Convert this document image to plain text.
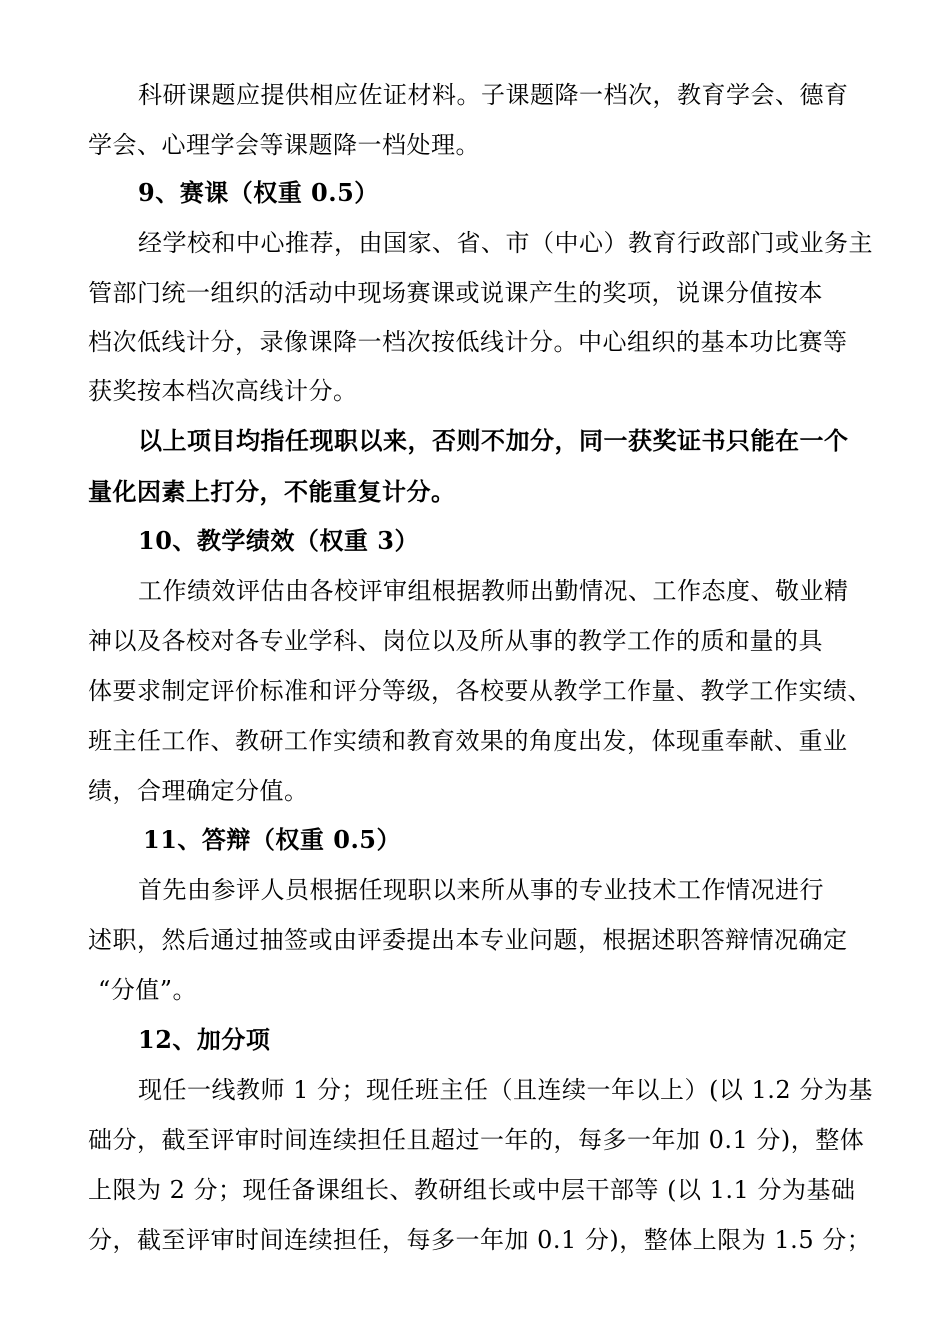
科研课题应提供相应佐证材料。子课题降一档次，教育学会、德育
学会、心理学会等课题降一档处理。
9、赛课（权重 0.5）
经学校和中心推荐，由国家、省、市（中心）教育行政部门或业务主
管部门统一组织的活动中现场赛课或说课产生的奖项，说课分值按本
档次低线计分，录像课降一档次按低线计分。中心组织的基本功比赛等
获奖按本档次高线计分。
以上项目均指任现职以来，否则不加分，同一获奖证书只能在一个
量化因素上打分，不能重复计分。
10、教学绩效（权重 3）
工作绩效评估由各校评审组根据教师出勤情况、工作态度、敬业精
神以及各校对各专业学科、岗位以及所从事的教学工作的质和量的具
体要求制定评价标准和评分等级，各校要从教学工作量、教学工作实绩、
班主任工作、教研工作实绩和教育效果的角度出发，体现重奉献、重业
绩，合理确定分值。
11、答辩（权重 0.5）
首先由参评人员根据任现职以来所从事的专业技术工作情况进行
述职，然后通过抽签或由评委提出本专业问题，根据述职答辩情况确定
“分值”。
12、加分项
现任一线教师 1 分；现任班主任（且连续一年以上）(以 1.2 分为基
础分，截至评审时间连续担任且超过一年的，每多一年加 0.1 分)，整体
上限为 2 分；现任备课组长、教研组长或中层干部等 (以 1.1 分为基础
分，截至评审时间连续担任，每多一年加 0.1 分)，整体上限为 1.5 分；
